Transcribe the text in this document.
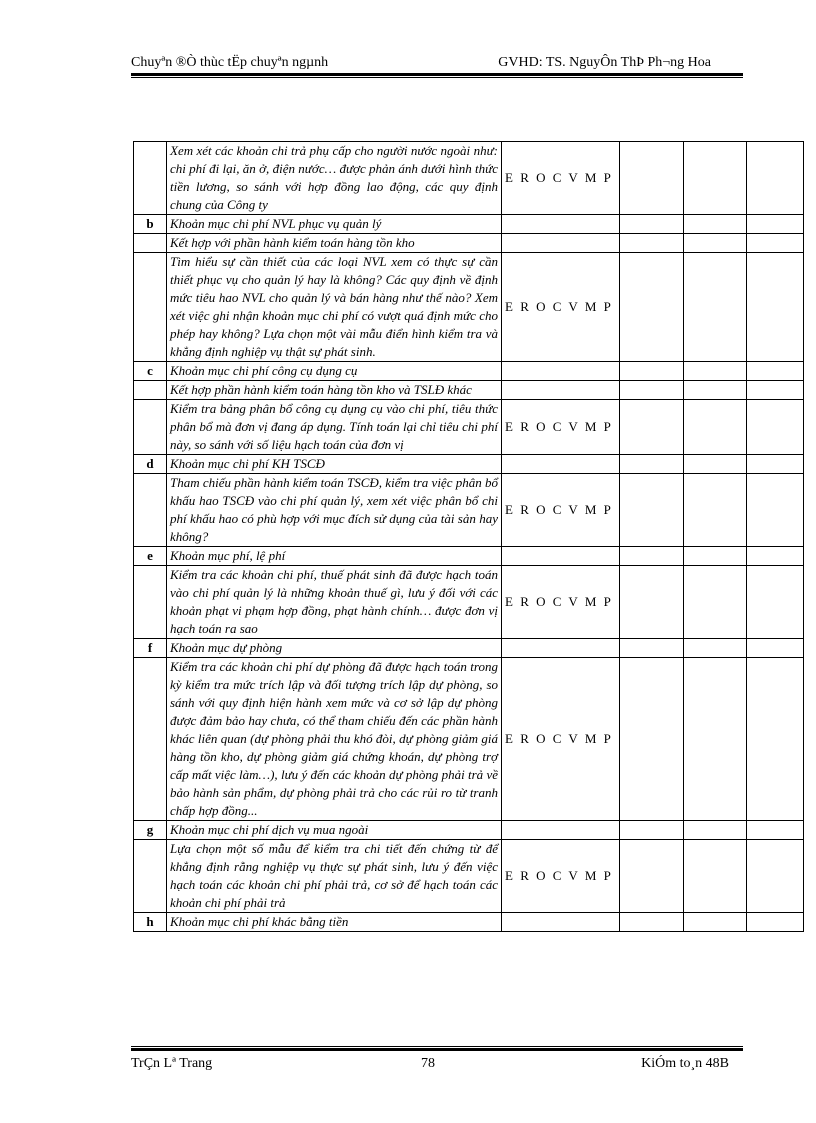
Chuyªn ®Ò thùc tËp chuyªn ngµnh	GVHD: TS. NguyÔn ThÞ Ph¬ng Hoa
	Xem xét các khoản chi trả phụ cấp cho người nước ngoài như: chi phí đi lại, ăn ở, điện nước… được phản ánh dưới hình thức tiền lương, so sánh với hợp đồng lao động, các quy định chung của Công ty	E R O C V M P			
b	Khoản mục chi phí NVL phục vụ quản lý				
	Kết hợp với phần hành kiểm toán hàng tồn kho				
	Tìm hiểu sự cần thiết của các loại NVL xem có thực sự cần thiết phục vụ cho quản lý hay là không? Các quy định về định mức tiêu hao NVL cho quản lý và bán hàng như thế nào? Xem xét việc ghi nhận khoản mục chi phí có vượt quá định mức cho phép hay không? Lựa chọn một vài mẫu điển hình kiểm tra và khẳng định nghiệp vụ thật sự phát sinh.	E R O C V M P			
c	Khoản mục chi phí công cụ dụng cụ				
	Kết hợp phần hành kiểm toán hàng tồn kho và TSLĐ khác				
	Kiểm tra bảng phân bổ công cụ dụng cụ vào chi phí, tiêu thức phân bổ mà đơn vị đang áp dụng. Tính toán lại chỉ tiêu chi phí này, so sánh với số liệu hạch toán của đơn vị	E R O C V M P			
d	Khoản mục chi phí KH TSCĐ				
	Tham chiếu phần hành kiểm toán TSCĐ, kiểm tra việc phân bổ khấu hao TSCĐ vào chi phí quản lý, xem xét việc phân bổ chi phí khấu hao có phù hợp với mục đích sử dụng của tài sản hay không?	E R O C V M P			
e	Khoản mục phí, lệ phí				
	Kiểm tra các khoản chi phí, thuế phát sinh đã được hạch toán vào chi phí quản lý là những khoản thuế gì, lưu ý đối với các khoản phạt vi phạm hợp đồng, phạt hành chính… được đơn vị hạch toán ra sao	E R O C V M P			
f	Khoản mục dự phòng				
	Kiểm tra các khoản chi phí dự phòng đã được hạch toán trong kỳ kiểm tra mức trích lập và đối tượng trích lập dự phòng, so sánh với quy định hiện hành xem mức và cơ sở lập dự phòng được đảm bảo hay chưa, có thể tham chiếu đến các phần hành khác liên quan (dự phòng phải thu khó đòi, dự phòng giảm giá hàng tồn kho, dự phòng giảm giá chứng khoán, dự phòng trợ cấp mất việc làm…), lưu ý đến các khoản dự phòng phải trả về bảo hành sản phẩm, dự phòng phải trả cho các rủi ro từ tranh chấp hợp đồng...	E R O C V M P			
g	Khoản mục chi phí dịch vụ mua ngoài				
	Lựa chọn một số mẫu để kiểm tra chi tiết đến chứng từ để khẳng định rằng nghiệp vụ thực sự phát sinh, lưu ý đến việc hạch toán các khoản chi phí phải trả, cơ sở để hạch toán các khoản chi phí phải trả	E R O C V M P			
h	Khoản mục chi phí khác bằng tiền				
TrÇn Lª Trang	78	KiÓm to¸n 48B
